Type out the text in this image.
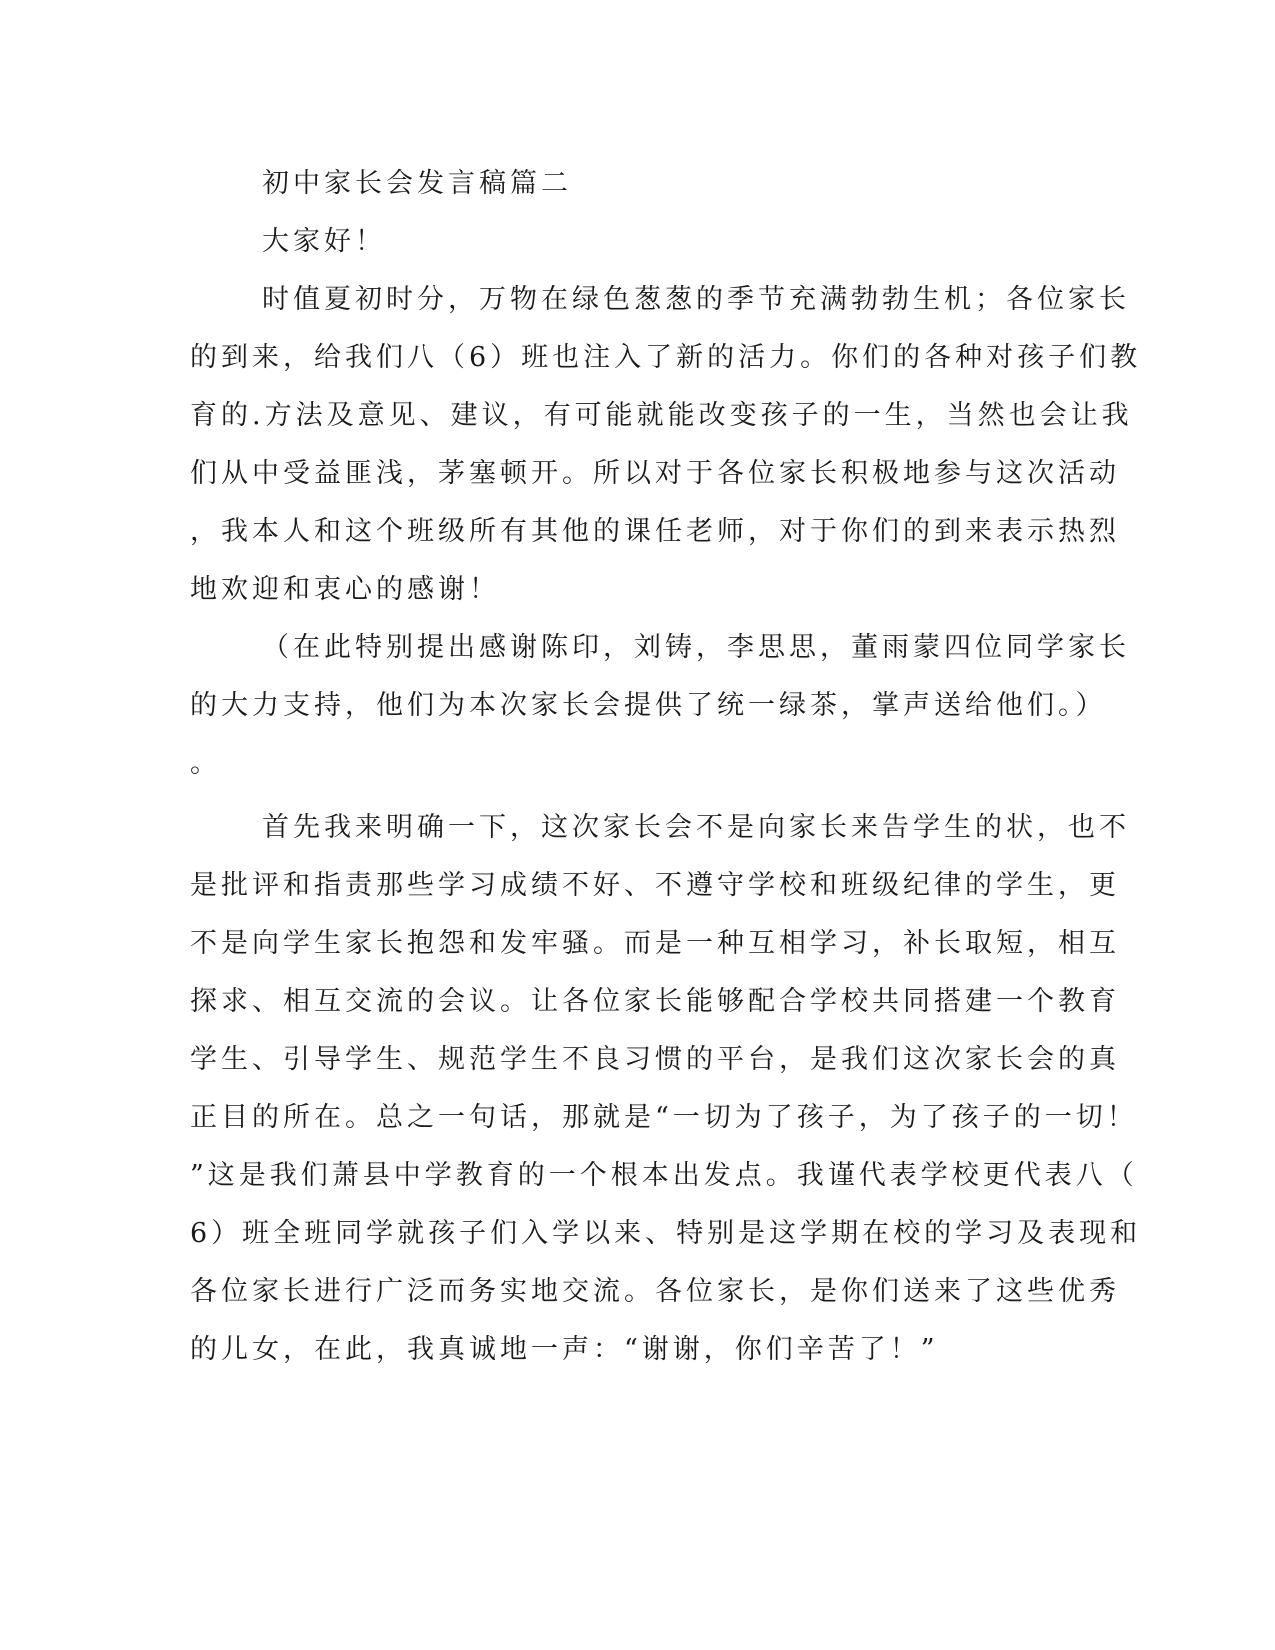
初中家长会发言稿篇二
大家好！
时值夏初时分，万物在绿色葱葱的季节充满勃勃生机；各位家长
的到来，给我们八（6）班也注入了新的活力。你们的各种对孩子们教
育的.方法及意见、建议，有可能就能改变孩子的一生，当然也会让我
们从中受益匪浅，茅塞顿开。所以对于各位家长积极地参与这次活动
，我本人和这个班级所有其他的课任老师，对于你们的到来表示热烈
地欢迎和衷心的感谢！
（在此特别提出感谢陈印，刘铸，李思思，董雨蒙四位同学家长
的大力支持，他们为本次家长会提供了统一绿茶，掌声送给他们。）
。
首先我来明确一下，这次家长会不是向家长来告学生的状，也不
是批评和指责那些学习成绩不好、不遵守学校和班级纪律的学生，更
不是向学生家长抱怨和发牢骚。而是一种互相学习，补长取短，相互
探求、相互交流的会议。让各位家长能够配合学校共同搭建一个教育
学生、引导学生、规范学生不良习惯的平台，是我们这次家长会的真
正目的所在。总之一句话，那就是“一切为了孩子，为了孩子的一切！
”这是我们萧县中学教育的一个根本出发点。我谨代表学校更代表八（
6）班全班同学就孩子们入学以来、特别是这学期在校的学习及表现和
各位家长进行广泛而务实地交流。各位家长，是你们送来了这些优秀
的儿女，在此，我真诚地一声：“谢谢，你们辛苦了！”
